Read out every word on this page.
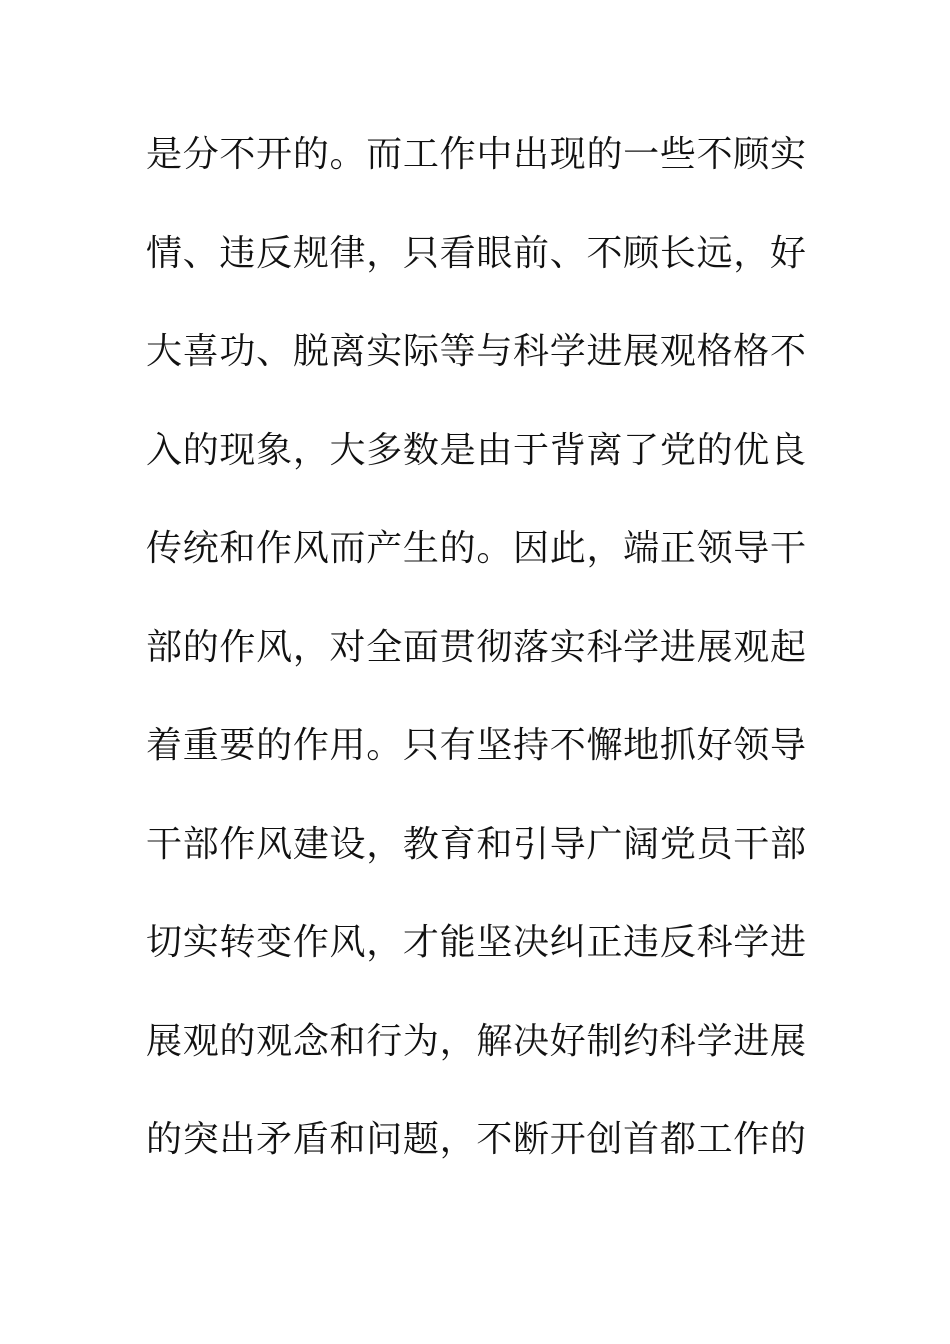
是分不开的。而工作中出现的一些不顾实
情、违反规律，只看眼前、不顾长远，好
大喜功、脱离实际等与科学进展观格格不
入的现象，大多数是由于背离了党的优良
传统和作风而产生的。因此，端正领导干
部的作风，对全面贯彻落实科学进展观起
着重要的作用。只有坚持不懈地抓好领导
干部作风建设，教育和引导广阔党员干部
切实转变作风，才能坚决纠正违反科学进
展观的观念和行为，解决好制约科学进展
的突出矛盾和问题，不断开创首都工作的
